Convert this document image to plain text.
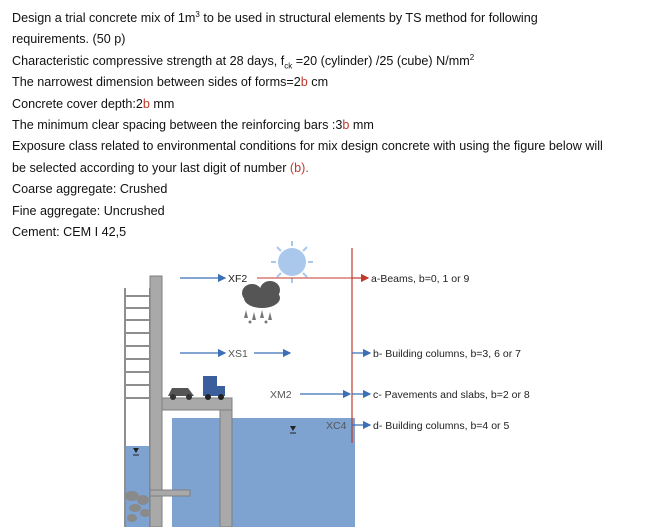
Design a trial concrete mix of $1m^3$ to be used in structural elements by TS method for following
requirements. (50 p)
Characteristic compressive strength at 28 days, $f_{ck} =20$ (cylinder) /25 (cube) $N/mm^2$
The narrowest dimension between sides of forms=2b cm
Concrete cover depth:2b mm
The minimum clear spacing between the reinforcing bars :3b mm
Exposure class related to environmental conditions for mix design concrete with using the figure below will
be selected according to your last digit of number (b).
Coarse aggregate: Crushed
Fine aggregate: Uncrushed
Cement: CEM I 42,5
XF2
XS1
XM2
XC4
a-Beams, b=0, 1 or 9
b- Building columns, b=3, 6 or 7
c- Pavements and slabs, b=2 or 8
d- Building columns, b=4 or 5
